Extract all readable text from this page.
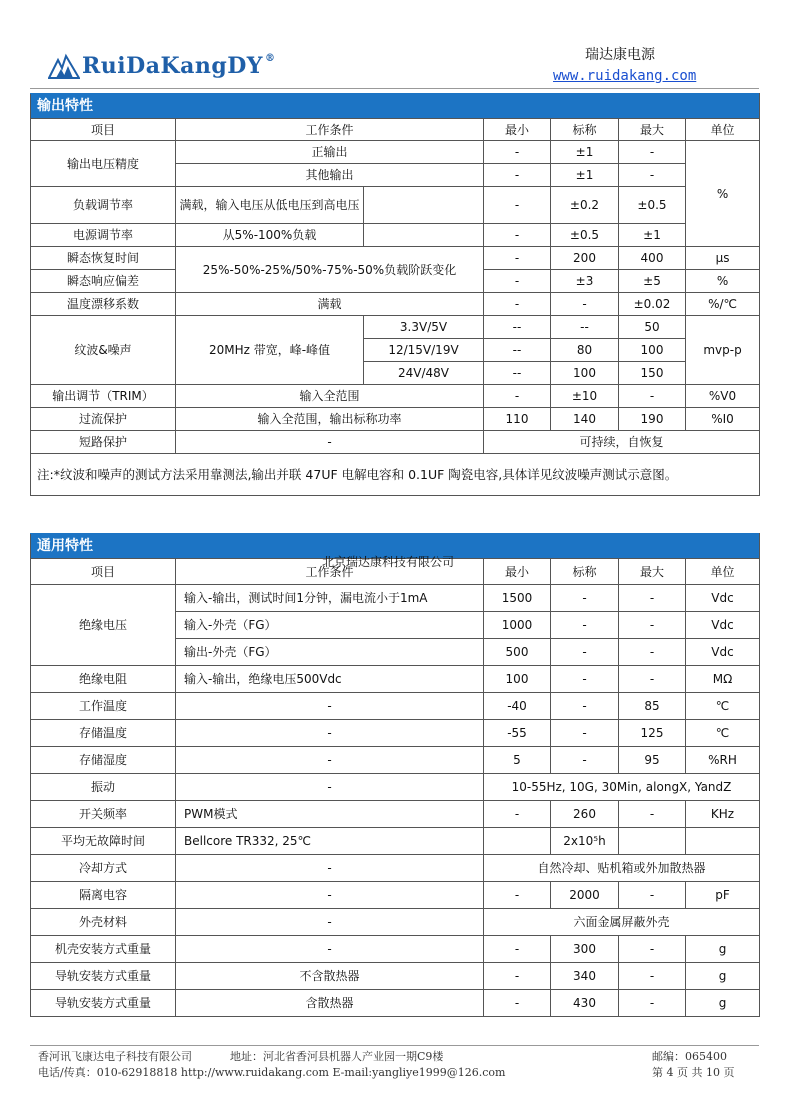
RuiDaKangDY ®	瑞达康电源
www.ruidakang.com
输出特性						
项目	工作条件		最小	标称	最大	单位
输出电压精度	正输出		-	±1	-	%
	其他输出		-	±1	-	
负载调节率	满载，输入电压从低电压到高电压		-	±0.2	±0.5	
电源调节率	从5%-100%负载		-	±0.5	±1	
瞬态恢复时间	25%-50%-25%/50%-75%-50%负载阶跃变化		-	200	400	μs
瞬态响应偏差			-	±3	±5	%
温度漂移系数	满载		-	-	±0.02	%/℃
纹波&噪声	20MHz 带宽，峰-峰值	3.3V/5V	--	--	50	mvp-p
		12/15V/19V	--	80	100	
		24V/48V	--	100	150	
输出调节（TRIM）	输入全范围		-	±10	-	%V0
过流保护	输入全范围，输出标称功率		110	140	190	%I0
短路保护	-		可持续，自恢复			
注:*纹波和噪声的测试方法采用靠测法,输出并联 47UF 电解电容和 0.1UF 陶瓷电容,具体详见纹波噪声测试示意图。						
通用特性					
项目	工作条件	最小	标称	最大	单位
绝缘电压	输入-输出，测试时间1分钟，漏电流小于1mA	1500	-	-	Vdc
	输入-外壳（FG）	1000	-	-	Vdc
	输出-外壳（FG）	500	-	-	Vdc
绝缘电阻	输入-输出，绝缘电压500Vdc	100	-	-	MΩ
工作温度	-	-40	-	85	℃
存储温度	-	-55	-	125	℃
存储湿度	-	5	-	95	%RH
振动	-	10-55Hz, 10G, 30Min, alongX, YandZ			
开关频率	PWM模式	-	260	-	KHz
平均无故障时间	Bellcore TR332, 25℃		2x10⁵h		
冷却方式	-	自然冷却、贴机箱或外加散热器			
隔离电容	-	-	2000	-	pF
外壳材料	-	六面金属屏蔽外壳			
机壳安装方式重量	-	-	300	-	g
导轨安装方式重量	不含散热器	-	340	-	g
导轨安装方式重量	含散热器	-	430	-	g
北京瑞达康科技有限公司
香河讯飞康达电子科技有限公司	地址：河北省香河县机器人产业园一期C9楼	邮编：065400
电话/传真：010-62918818 http://www.ruidakang.com E-mail:yangliye1999@126.com	第 4 页 共 10 页
